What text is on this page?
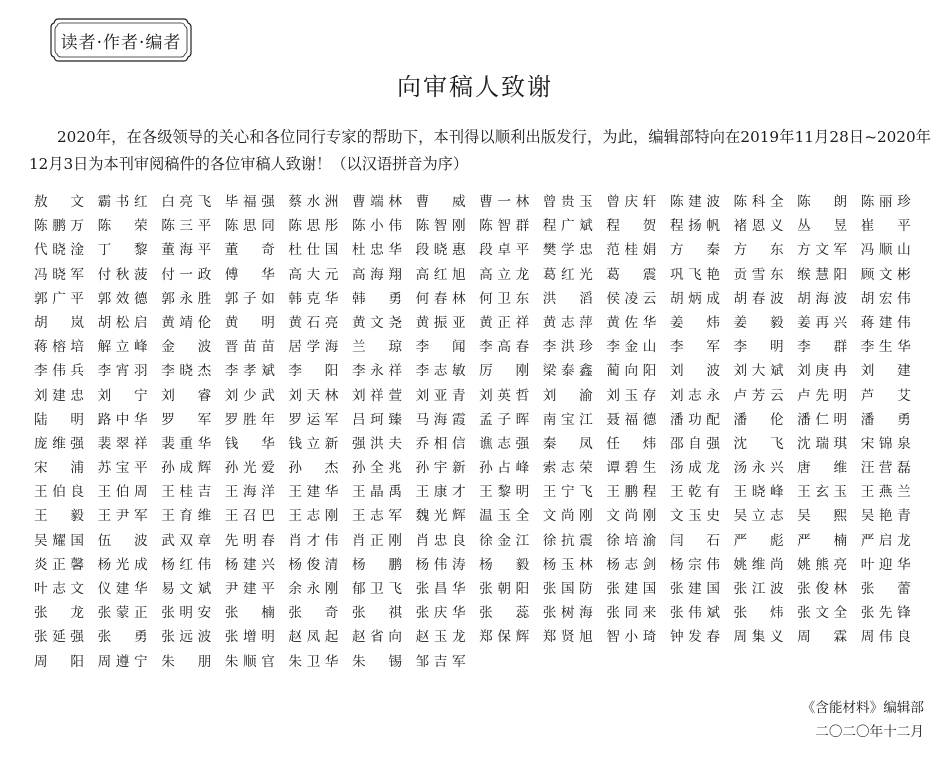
读者·作者·编者
向审稿人致谢

2020年，在各级领导的关心和各位同行专家的帮助下，本刊得以顺利出版发行，为此，编辑部特向在2019年11月28日~2020年12月3日为本刊审阅稿件的各位审稿人致谢！（以汉语拼音为序）

敖 文 霸 书 红 白 亮 飞 毕 福 强 蔡 水 洲 曹 端 林 曹 威 曹 一 林 曾 贵 玉 曾 庆 轩 陈 建 波 陈 科 全 陈 朗 陈 丽 珍
陈 鹏 万 陈 荣 陈 三 平 陈 思 同 陈 思 彤 陈 小 伟 陈 智 刚 陈 智 群 程 广 斌 程 贺 程 扬 帆 褚 恩 义 丛 昱 崔 平
代 晓 淦 丁 黎 董 海 平 董 奇 杜 仕 国 杜 忠 华 段 晓 惠 段 卓 平 樊 学 忠 范 桂 娟 方 秦 方 东 方 文 军 冯 顺 山
冯 晓 军 付 秋 菠 付 一 政 傅 华 高 大 元 高 海 翔 高 红 旭 高 立 龙 葛 红 光 葛 震 巩 飞 艳 贡 雪 东 缑 慧 阳 顾 文 彬
郭 广 平 郭 效 德 郭 永 胜 郭 子 如 韩 克 华 韩 勇 何 春 林 何 卫 东 洪 滔 侯 凌 云 胡 炳 成 胡 春 波 胡 海 波 胡 宏 伟
胡 岚 胡 松 启 黄 靖 伦 黄 明 黄 石 亮 黄 文 尧 黄 振 亚 黄 正 祥 黄 志 萍 黄 佐 华 姜 炜 姜 毅 姜 再 兴 蒋 建 伟
蒋 榕 培 解 立 峰 金 波 晋 苗 苗 居 学 海 兰 琼 李 闻 李 高 春 李 洪 珍 李 金 山 李 军 李 明 李 群 李 生 华
李 伟 兵 李 宵 羽 李 晓 杰 李 孝 斌 李 阳 李 永 祥 李 志 敏 厉 刚 梁 泰 鑫 蔺 向 阳 刘 波 刘 大 斌 刘 庚 冉 刘 建
刘 建 忠 刘 宁 刘 睿 刘 少 武 刘 天 林 刘 祥 萱 刘 亚 青 刘 英 哲 刘 渝 刘 玉 存 刘 志 永 卢 芳 云 卢 先 明 芦 艾
陆 明 路 中 华 罗 军 罗 胜 年 罗 运 军 吕 珂 臻 马 海 霞 孟 子 晖 南 宝 江 聂 福 德 潘 功 配 潘 伦 潘 仁 明 潘 勇
庞 维 强 裴 翠 祥 裴 重 华 钱 华 钱 立 新 强 洪 夫 乔 相 信 谯 志 强 秦 凤 任 炜 邵 自 强 沈 飞 沈 瑞 琪 宋 锦 泉
宋 浦 苏 宝 平 孙 成 辉 孙 光 爱 孙 杰 孙 全 兆 孙 宇 新 孙 占 峰 索 志 荣 谭 碧 生 汤 成 龙 汤 永 兴 唐 维 汪 营 磊
王 伯 良 王 伯 周 王 桂 吉 王 海 洋 王 建 华 王 晶 禹 王 康 才 王 黎 明 王 宁 飞 王 鹏 程 王 乾 有 王 晓 峰 王 玄 玉 王 燕 兰
王 毅 王 尹 军 王 育 维 王 召 巴 王 志 刚 王 志 军 魏 光 辉 温 玉 全 文 尚 刚 文 尚 刚 文 玉 史 吴 立 志 吴 熙 吴 艳 青
吴 耀 国 伍 波 武 双 章 先 明 春 肖 才 伟 肖 正 刚 肖 忠 良 徐 金 江 徐 抗 震 徐 培 渝 闫 石 严 彪 严 楠 严 启 龙
炎 正 馨 杨 光 成 杨 红 伟 杨 建 兴 杨 俊 清 杨 鹏 杨 伟 涛 杨 毅 杨 玉 林 杨 志 剑 杨 宗 伟 姚 维 尚 姚 熊 亮 叶 迎 华
叶 志 文 仪 建 华 易 文 斌 尹 建 平 余 永 刚 郁 卫 飞 张 昌 华 张 朝 阳 张 国 防 张 建 国 张 建 国 张 江 波 张 俊 林 张 蕾
张 龙 张 蒙 正 张 明 安 张 楠 张 奇 张 祺 张 庆 华 张 蕊 张 树 海 张 同 来 张 伟 斌 张 炜 张 文 全 张 先 锋
张 延 强 张 勇 张 远 波 张 增 明 赵 凤 起 赵 省 向 赵 玉 龙 郑 保 辉 郑 贤 旭 智 小 琦 钟 发 春 周 集 义 周 霖 周 伟 良
周 阳 周 遵 宁 朱 朋 朱 顺 官 朱 卫 华 朱 锡 邹 吉 军
《含能材料》编辑部
二〇二〇年十二月
